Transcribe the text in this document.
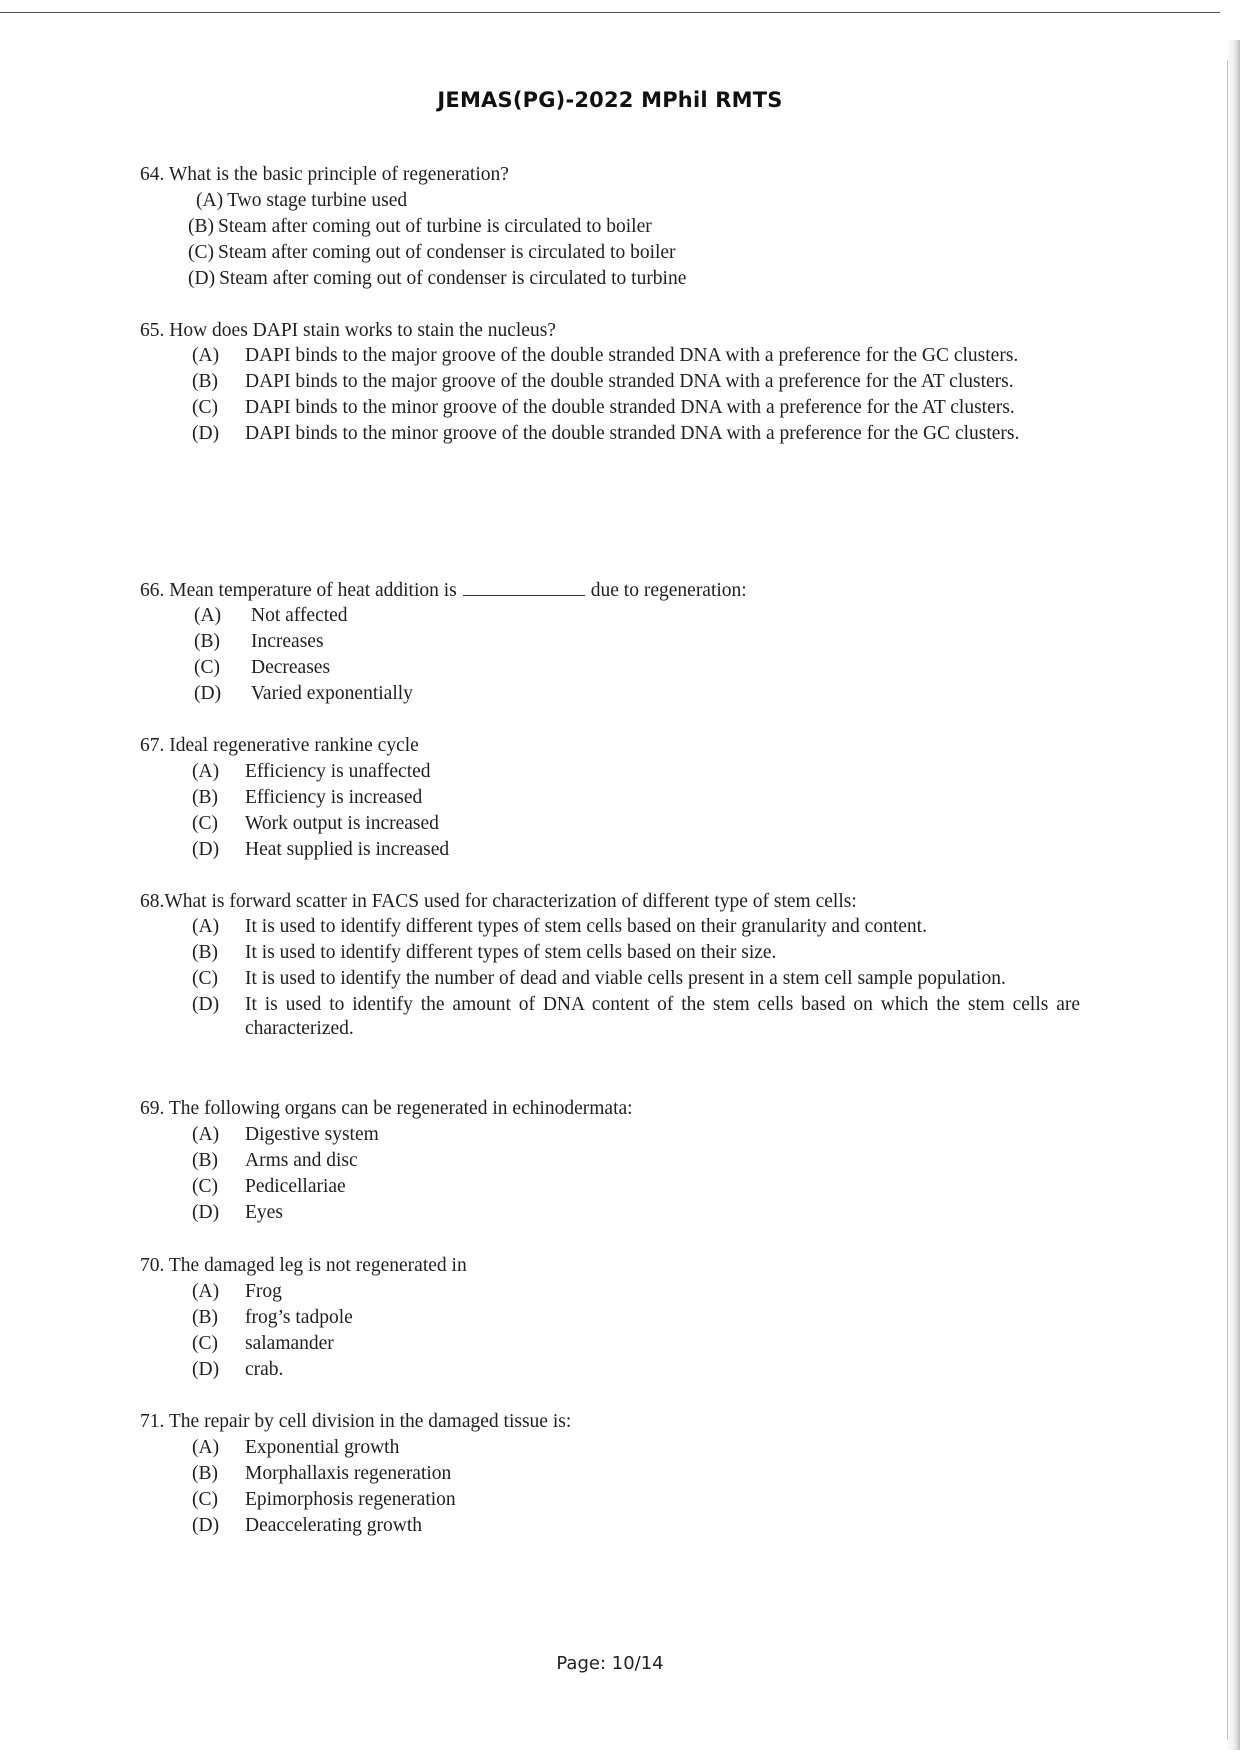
JEMAS(PG)-2022 MPhil RMTS
64. What is the basic principle of regeneration?
(A) Two stage turbine used
(B) Steam after coming out of turbine is circulated to boiler
(C) Steam after coming out of condenser is circulated to boiler
(D) Steam after coming out of condenser is circulated to turbine
65. How does DAPI stain works to stain the nucleus?
(A)	DAPI binds to the major groove of the double stranded DNA with a preference for the GC clusters.
(B)	DAPI binds to the major groove of the double stranded DNA with a preference for the AT clusters.
(C)	DAPI binds to the minor groove of the double stranded DNA with a preference for the AT clusters.
(D)	DAPI binds to the minor groove of the double stranded DNA with a preference for the GC clusters.
66. Mean temperature of heat addition is	due to regeneration:
(A)	Not affected
(B)	Increases
(C)	Decreases
(D)	Varied exponentially
67. Ideal regenerative rankine cycle
(A)	Efficiency is unaffected
(B)	Efficiency is increased
(C)	Work output is increased
(D)	Heat supplied is increased
68.What is forward scatter in FACS used for characterization of different type of stem cells:
(A)	It is used to identify different types of stem cells based on their granularity and content.
(B)	It is used to identify different types of stem cells based on their size.
(C)	It is used to identify the number of dead and viable cells present in a stem cell sample population.
(D)	It is used to identify the amount of DNA content of the stem cells based on which the stem cells are characterized.
69. The following organs can be regenerated in echinodermata:
(A)	Digestive system
(B)	Arms and disc
(C)	Pedicellariae
(D)	Eyes
70. The damaged leg is not regenerated in
(A)	Frog
(B)	frog’s tadpole
(C)	salamander
(D)	crab.
71. The repair by cell division in the damaged tissue is:
(A)	Exponential growth
(B)	Morphallaxis regeneration
(C)	Epimorphosis regeneration
(D)	Deaccelerating growth
Page: 10/14
